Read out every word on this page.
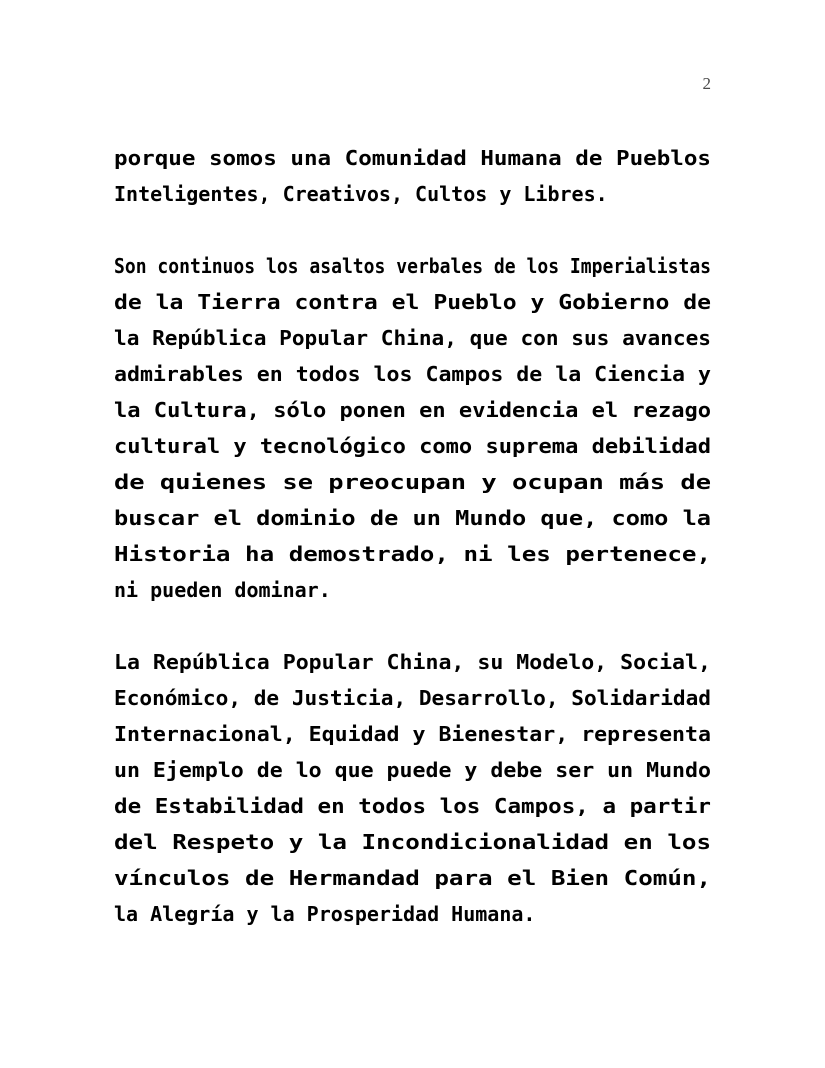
2
porque somos una Comunidad Humana de Pueblos
Inteligentes, Creativos, Cultos y Libres.
Son continuos los asaltos verbales de los Imperialistas
de la Tierra contra el Pueblo y Gobierno de
la República Popular China, que con sus avances
admirables en todos los Campos de la Ciencia y
la Cultura, sólo ponen en evidencia el rezago
cultural y tecnológico como suprema debilidad
de quienes se preocupan y ocupan más de
buscar el dominio de un Mundo que, como la
Historia ha demostrado, ni les pertenece,
ni pueden dominar.
La República Popular China, su Modelo, Social,
Económico, de Justicia, Desarrollo, Solidaridad
Internacional, Equidad y Bienestar, representa
un Ejemplo de lo que puede y debe ser un Mundo
de Estabilidad en todos los Campos, a partir
del Respeto y la Incondicionalidad en los
vínculos de Hermandad para el Bien Común,
la Alegría y la Prosperidad Humana.
